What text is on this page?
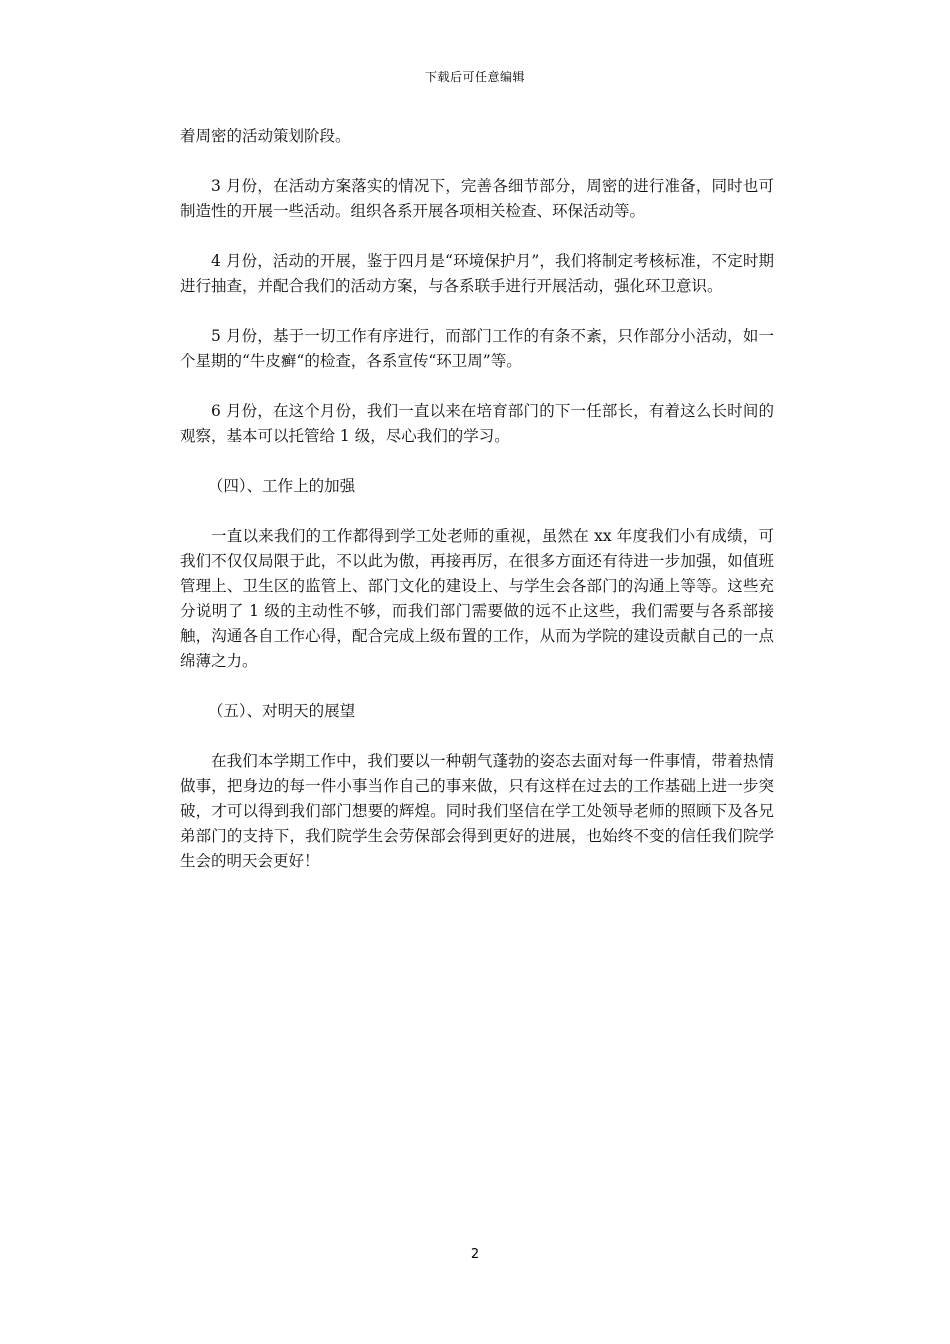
下载后可任意编辑

着周密的活动策划阶段。

3 月份，在活动方案落实的情况下，完善各细节部分，周密的进行准备，同时也可制造性的开展一些活动。组织各系开展各项相关检查、环保活动等。

4 月份，活动的开展，鉴于四月是“环境保护月”，我们将制定考核标准，不定时期进行抽查，并配合我们的活动方案，与各系联手进行开展活动，强化环卫意识。

5 月份，基于一切工作有序进行，而部门工作的有条不紊，只作部分小活动，如一个星期的“牛皮癣“的检查，各系宣传“环卫周”等。

6 月份，在这个月份，我们一直以来在培育部门的下一任部长，有着这么长时间的观察，基本可以托管给 1 级，尽心我们的学习。

（四）、工作上的加强

一直以来我们的工作都得到学工处老师的重视，虽然在 xx 年度我们小有成绩，可我们不仅仅局限于此，不以此为傲，再接再厉，在很多方面还有待进一步加强，如值班管理上、卫生区的监管上、部门文化的建设上、与学生会各部门的沟通上等等。这些充分说明了 1 级的主动性不够，而我们部门需要做的远不止这些，我们需要与各系部接触，沟通各自工作心得，配合完成上级布置的工作，从而为学院的建设贡献自己的一点绵薄之力。

（五）、对明天的展望

在我们本学期工作中，我们要以一种朝气蓬勃的姿态去面对每一件事情，带着热情做事，把身边的每一件小事当作自己的事来做，只有这样在过去的工作基础上进一步突破，才可以得到我们部门想要的辉煌。同时我们坚信在学工处领导老师的照顾下及各兄弟部门的支持下，我们院学生会劳保部会得到更好的进展，也始终不变的信任我们院学生会的明天会更好！

2
